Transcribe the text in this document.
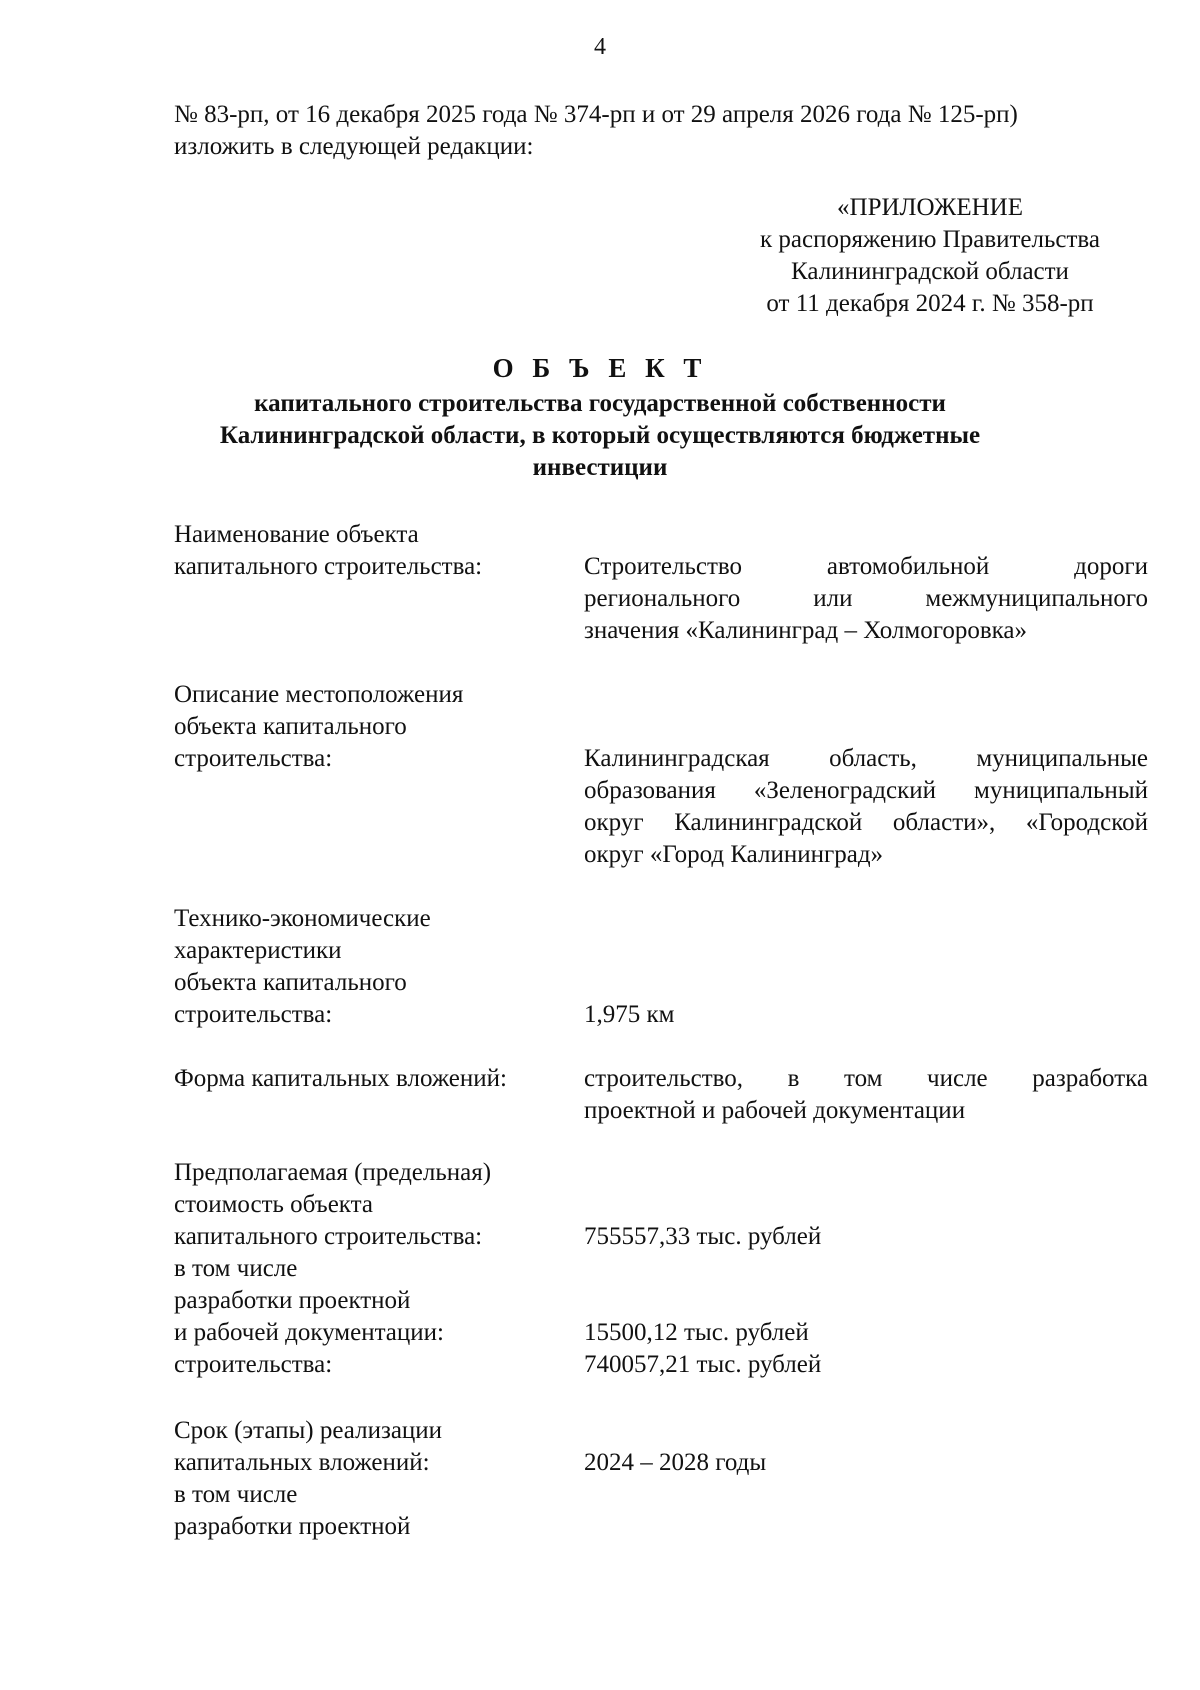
4
№ 83-рп, от 16 декабря 2025 года № 374-рп и от 29 апреля 2026 года № 125-рп)
изложить в следующей редакции:
«ПРИЛОЖЕНИЕ
к распоряжению Правительства
Калининградской области
от 11 декабря 2024 г. № 358-рп
О Б Ъ Е К Т
капитального строительства государственной собственности
Калининградской области, в который осуществляются бюджетные
инвестиции
Наименование объекта
капитального строительства:	Строительство автомобильной дороги
регионального или межмуниципального
значения «Калининград – Холмогоровка»
Описание местоположения
объекта капитального
строительства:	Калининградская область, муниципальные
образования «Зеленоградский муниципальный
округ Калининградской области», «Городской
округ «Город Калининград»
Технико-экономические
характеристики
объекта капитального
строительства:	1,975 км
Форма капитальных вложений:	строительство, в том числе разработка
проектной и рабочей документации
Предполагаемая (предельная)
стоимость объекта
капитального строительства:	755557,33 тыс. рублей
в том числе
разработки проектной
и рабочей документации:	15500,12 тыс. рублей
строительства:	740057,21 тыс. рублей
Срок (этапы) реализации
капитальных вложений:	2024 – 2028 годы
в том числе
разработки проектной
